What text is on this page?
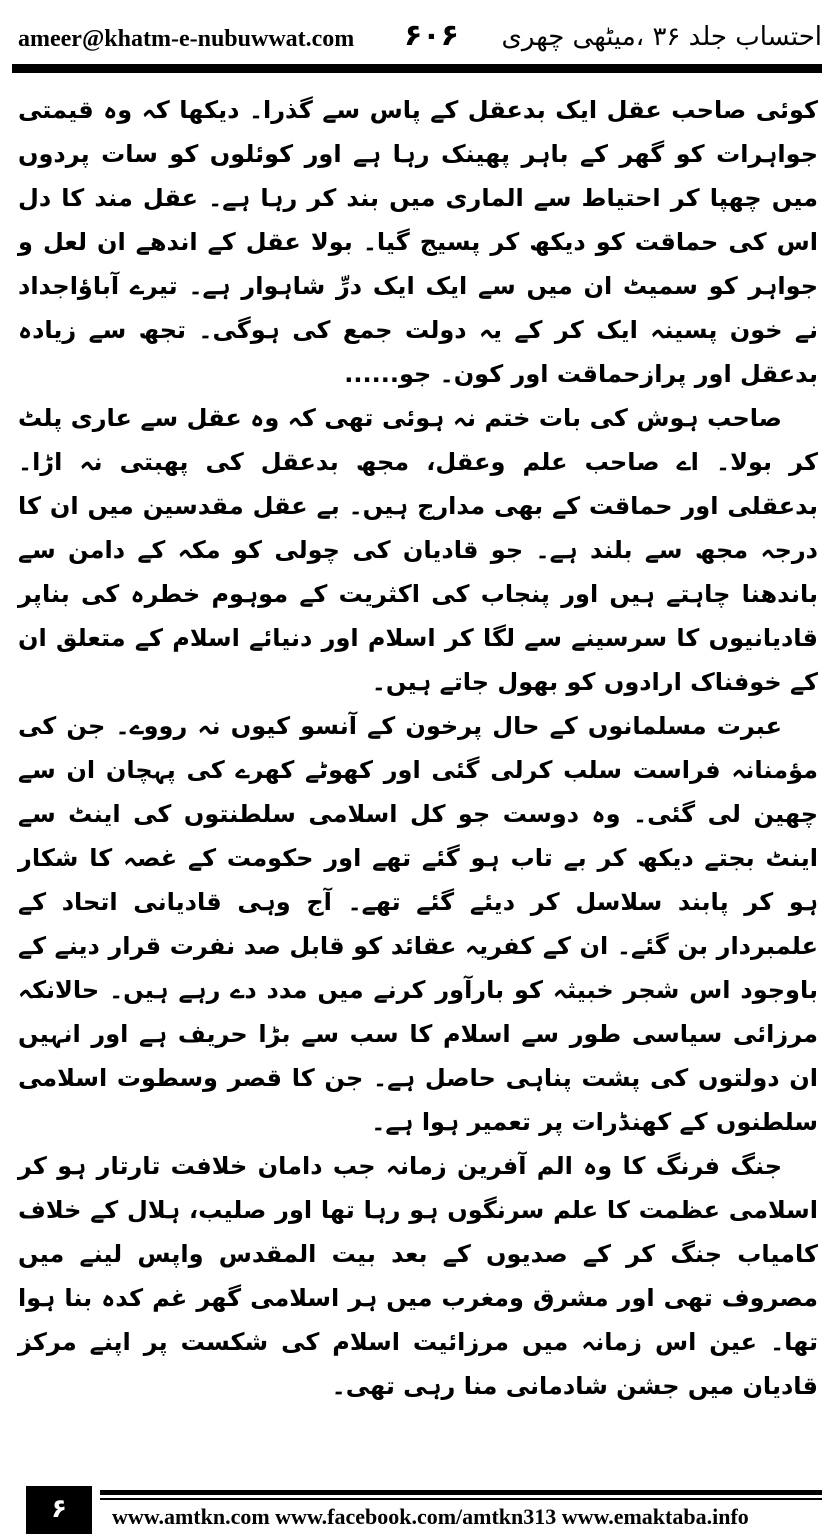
ameer@khatm-e-nubuwwat.com ۶۰۶ احتساب جلد ۳۶ ،میٹھی چھری

کوئی صاحب عقل ایک بدعقل کے پاس سے گذرا۔ دیکھا کہ وہ قیمتی جواہرات کو گھر کے باہر پھینک رہا ہے اور کوئلوں کو سات پردوں میں چھپا کر احتیاط سے الماری میں بند کر رہا ہے۔ عقل مند کا دل اس کی حماقت کو دیکھ کر پسیج گیا۔ بولا عقل کے اندھے ان لعل و جواہر کو سمیٹ ان میں سے ایک ایک درِّ شاہوار ہے۔ تیرے آباؤاجداد نے خون پسینہ ایک کر کے یہ دولت جمع کی ہوگی۔ تجھ سے زیادہ بدعقل اور پرازحماقت اور کون۔ جو......

صاحب ہوش کی بات ختم نہ ہوئی تھی کہ وہ عقل سے عاری پلٹ کر بولا۔ اے صاحب علم وعقل، مجھ بدعقل کی پھبتی نہ اڑا۔ بدعقلی اور حماقت کے بھی مدارج ہیں۔ بے عقل مقدسین میں ان کا درجہ مجھ سے بلند ہے۔ جو قادیان کی چولی کو مکہ کے دامن سے باندھنا چاہتے ہیں اور پنجاب کی اکثریت کے موہوم خطرہ کی بناپر قادیانیوں کا سرسینے سے لگا کر اسلام اور دنیائے اسلام کے متعلق ان کے خوفناک ارادوں کو بھول جاتے ہیں۔

عبرت مسلمانوں کے حال پرخون کے آنسو کیوں نہ رووے۔ جن کی مؤمنانہ فراست سلب کرلی گئی اور کھوٹے کھرے کی پہچان ان سے چھین لی گئی۔ وہ دوست جو کل اسلامی سلطنتوں کی اینٹ سے اینٹ بجتے دیکھ کر بے تاب ہو گئے تھے اور حکومت کے غصہ کا شکار ہو کر پابند سلاسل کر دیئے گئے تھے۔ آج وہی قادیانی اتحاد کے علمبردار بن گئے۔ ان کے کفریہ عقائد کو قابل صد نفرت قرار دینے کے باوجود اس شجر خبیثہ کو بارآور کرنے میں مدد دے رہے ہیں۔ حالانکہ مرزائی سیاسی طور سے اسلام کا سب سے بڑا حریف ہے اور انہیں ان دولتوں کی پشت پناہی حاصل ہے۔ جن کا قصر وسطوت اسلامی سلطنوں کے کھنڈرات پر تعمیر ہوا ہے۔

جنگ فرنگ کا وہ الم آفرین زمانہ جب دامان خلافت تارتار ہو کر اسلامی عظمت کا علم سرنگوں ہو رہا تھا اور صلیب، ہلال کے خلاف کامیاب جنگ کر کے صدیوں کے بعد بیت المقدس واپس لینے میں مصروف تھی اور مشرق ومغرب میں ہر اسلامی گھر غم کدہ بنا ہوا تھا۔ عین اس زمانہ میں مرزائیت اسلام کی شکست پر اپنے مرکز قادیان میں جشن شادمانی منا رہی تھی۔

۶	www.amtkn.com www.facebook.com/amtkn313 www.emaktaba.info
